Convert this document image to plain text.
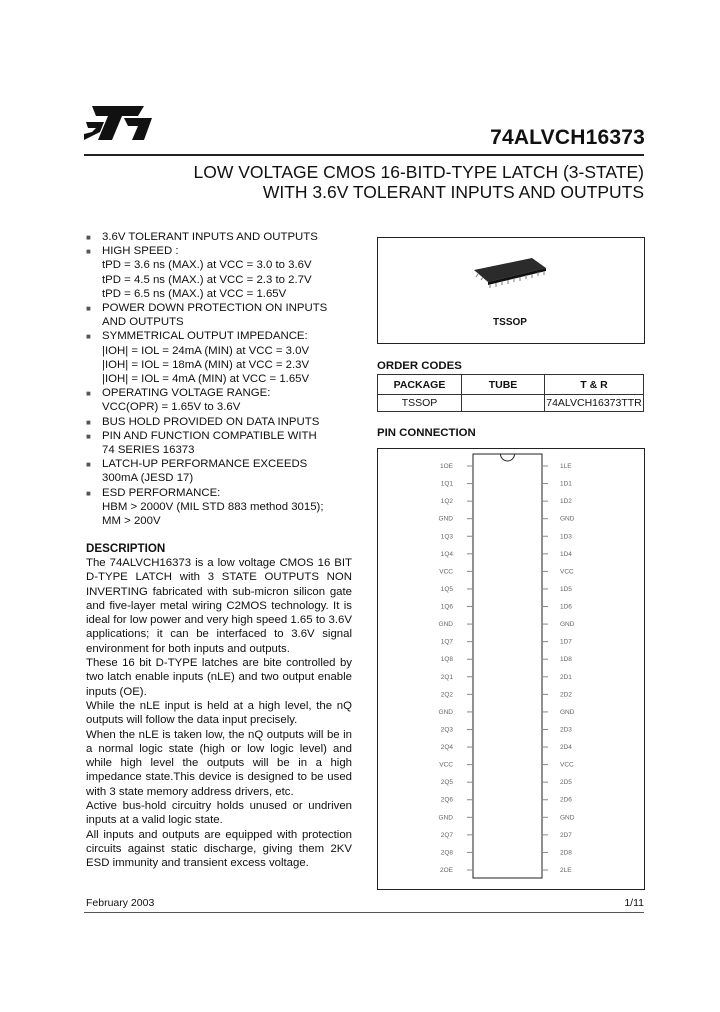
74ALVCH16373
LOW VOLTAGE CMOS 16-BITD-TYPE LATCH (3-STATE)
WITH 3.6V TOLERANT INPUTS AND OUTPUTS
■ 3.6V TOLERANT INPUTS AND OUTPUTS
■ HIGH SPEED :
tPD = 3.6 ns (MAX.) at VCC = 3.0 to 3.6V
tPD = 4.5 ns (MAX.) at VCC = 2.3 to 2.7V
tPD = 6.5 ns (MAX.) at VCC = 1.65V
■ POWER DOWN PROTECTION ON INPUTS
AND OUTPUTS
■ SYMMETRICAL OUTPUT IMPEDANCE:
|IOH| = IOL = 24mA (MIN) at VCC = 3.0V
|IOH| = IOL = 18mA (MIN) at VCC = 2.3V
|IOH| = IOL = 4mA (MIN) at VCC = 1.65V
■ OPERATING VOLTAGE RANGE:
VCC(OPR) = 1.65V to 3.6V
■ BUS HOLD PROVIDED ON DATA INPUTS
■ PIN AND FUNCTION COMPATIBLE WITH
74 SERIES 16373
■ LATCH-UP PERFORMANCE EXCEEDS
300mA (JESD 17)
■ ESD PERFORMANCE:
HBM > 2000V (MIL STD 883 method 3015);
MM > 200V
DESCRIPTION

The 74ALVCH16373 is a low voltage CMOS 16 BIT D-TYPE LATCH with 3 STATE OUTPUTS NON INVERTING fabricated with sub-micron silicon gate and five-layer metal wiring C2MOS technology. It is ideal for low power and very high speed 1.65 to 3.6V applications; it can be interfaced to 3.6V signal environment for both inputs and outputs.

These 16 bit D-TYPE latches are bite controlled by two latch enable inputs (nLE) and two output enable inputs (OE).

While the nLE input is held at a high level, the nQ outputs will follow the data input precisely.

When the nLE is taken low, the nQ outputs will be in a normal logic state (high or low logic level) and while high level the outputs will be in a high impedance state.This device is designed to be used with 3 state memory address drivers, etc.

Active bus-hold circuitry holds unused or undriven inputs at a valid logic state.

All inputs and outputs are equipped with protection circuits against static discharge, giving them 2KV ESD immunity and transient excess voltage.

TSSOP
ORDER CODES
PACKAGE	TUBE	T & R
TSSOP		74ALVCH16373TTR
PIN CONNECTION
1OE	1LE
1Q1	1D1
1Q2	1D2
GND	GND
1Q3	1D3
1Q4	1D4
VCC	VCC
1Q5	1D5
1Q6	1D6
GND	GND
1Q7	1D7
1Q8	1D8
2Q1	2D1
2Q2	2D2
GND	GND
2Q3	2D3
2Q4	2D4
VCC	VCC
2Q5	2D5
2Q6	2D6
GND	GND
2Q7	2D7
2Q8	2D8
2OE	2LE
February 2003	1/11
